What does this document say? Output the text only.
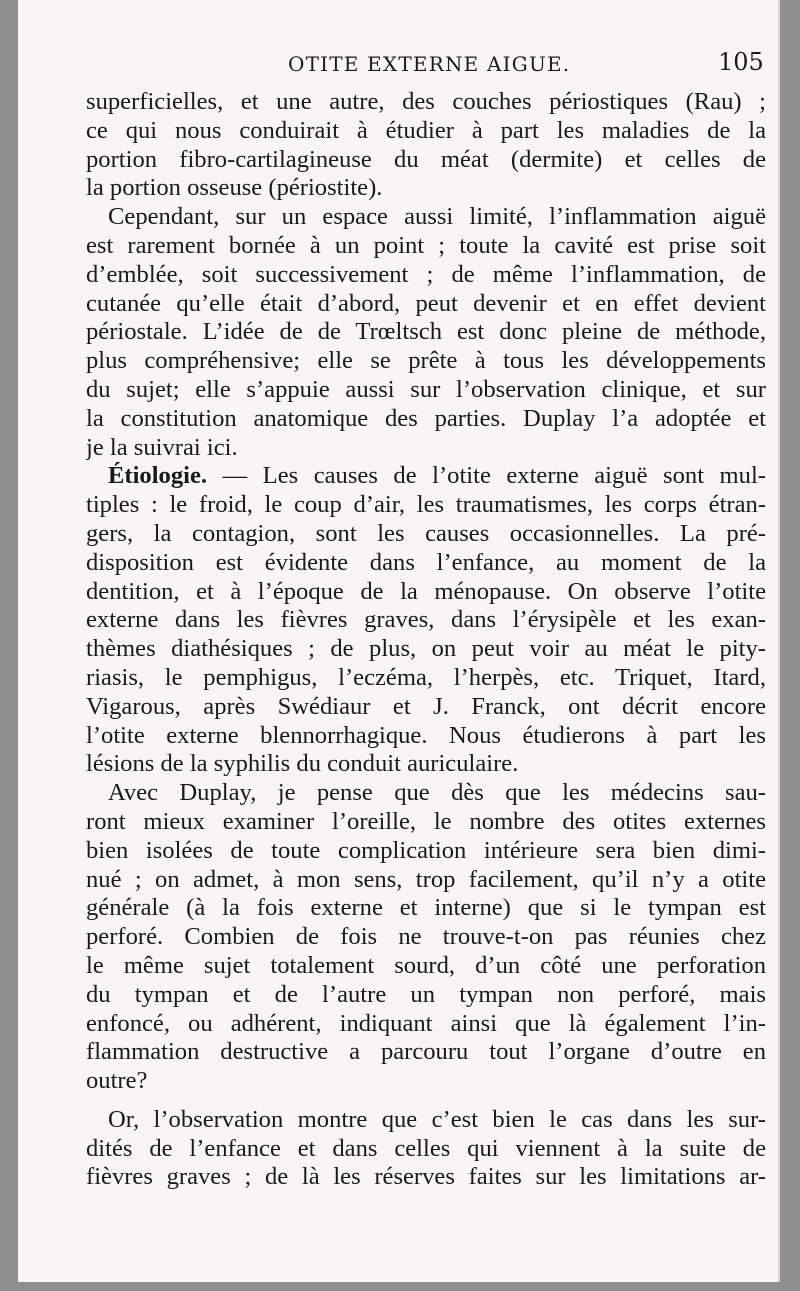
OTITE EXTERNE AIGUE.	105
superficielles, et une autre, des couches périostiques (Rau) ;
ce qui nous conduirait à étudier à part les maladies de la
portion fibro-cartilagineuse du méat (dermite) et celles de
la portion osseuse (périostite).
Cependant, sur un espace aussi limité, l’inflammation aiguë
est rarement bornée à un point ; toute la cavité est prise soit
d’emblée, soit successivement ; de même l’inflammation, de
cutanée qu’elle était d’abord, peut devenir et en effet devient
périostale. L’idée de de Trœltsch est donc pleine de méthode,
plus compréhensive; elle se prête à tous les développements
du sujet; elle s’appuie aussi sur l’observation clinique, et sur
la constitution anatomique des parties. Duplay l’a adoptée et
je la suivrai ici.
Étiologie. — Les causes de l’otite externe aiguë sont mul-
tiples : le froid, le coup d’air, les traumatismes, les corps étran-
gers, la contagion, sont les causes occasionnelles. La pré-
disposition est évidente dans l’enfance, au moment de la
dentition, et à l’époque de la ménopause. On observe l’otite
externe dans les fièvres graves, dans l’érysipèle et les exan-
thèmes diathésiques ; de plus, on peut voir au méat le pity-
riasis, le pemphigus, l’eczéma, l’herpès, etc. Triquet, Itard,
Vigarous, après Swédiaur et J. Franck, ont décrit encore
l’otite externe blennorrhagique. Nous étudierons à part les
lésions de la syphilis du conduit auriculaire.
Avec Duplay, je pense que dès que les médecins sau-
ront mieux examiner l’oreille, le nombre des otites externes
bien isolées de toute complication intérieure sera bien dimi-
nué ; on admet, à mon sens, trop facilement, qu’il n’y a otite
générale (à la fois externe et interne) que si le tympan est
perforé. Combien de fois ne trouve-t-on pas réunies chez
le même sujet totalement sourd, d’un côté une perforation
du tympan et de l’autre un tympan non perforé, mais
enfoncé, ou adhérent, indiquant ainsi que là également l’in-
flammation destructive a parcouru tout l’organe d’outre en
outre?
Or, l’observation montre que c’est bien le cas dans les sur-
dités de l’enfance et dans celles qui viennent à la suite de
fièvres graves ; de là les réserves faites sur les limitations ar-
